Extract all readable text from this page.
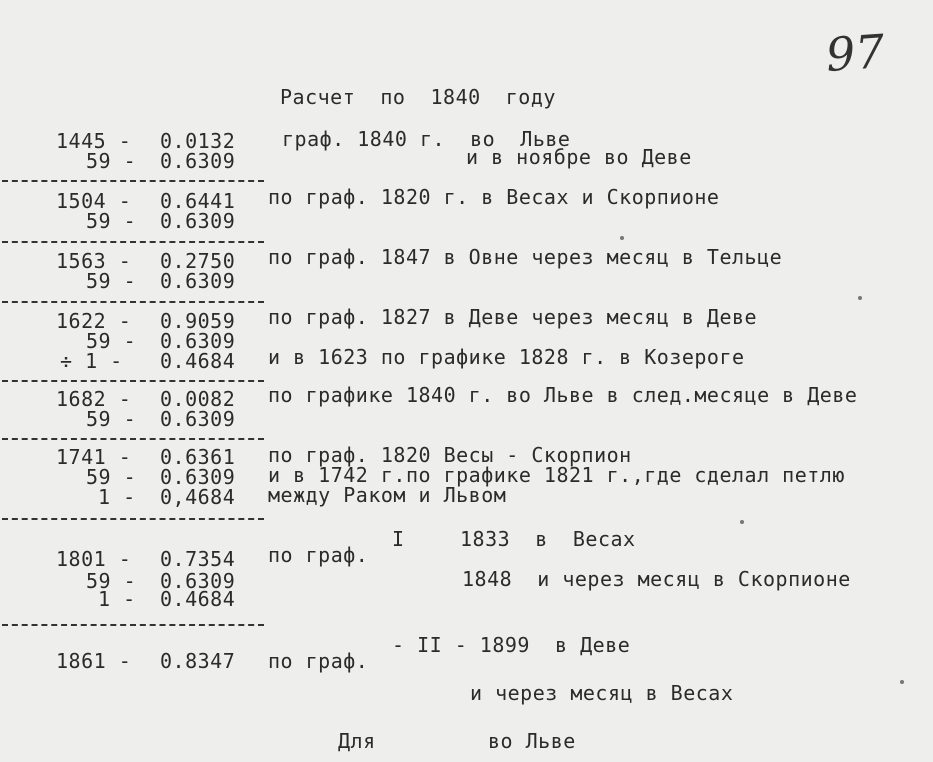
97
Расчет  по  1840  году
1445 - 0.0132
59 - 0.6309
граф. 1840 г.  во  Льве
и в ноябре во Деве
1504 - 0.6441
59 - 0.6309
по граф. 1820 г. в Весах и Скорпионе
1563 - 0.2750
59 - 0.6309
по граф. 1847 в Овне через месяц в Тельце
1622 - 0.9059
59 - 0.6309
÷ 1 - 0.4684
по граф. 1827 в Деве через месяц в Деве
и в 1623 по графике 1828 г. в Козероге
1682 - 0.0082
59 - 0.6309
по графике 1840 г. во Льве в след.месяце в Деве
1741 - 0.6361
59 - 0.6309
1 - 0,4684
по граф. 1820 Весы - Скорпион
и в 1742 г.по графике 1821 г.,где сделал петлю
между Раком и Львом
1801 - 0.7354
59 - 0.6309
1 - 0.4684
по граф.
I	1833  в  Весах
1848  и через месяц в Скорпионе
1861 - 0.8347 по граф.
- II - 1899  в Деве
и через месяц в Весах
Для	во Льве
